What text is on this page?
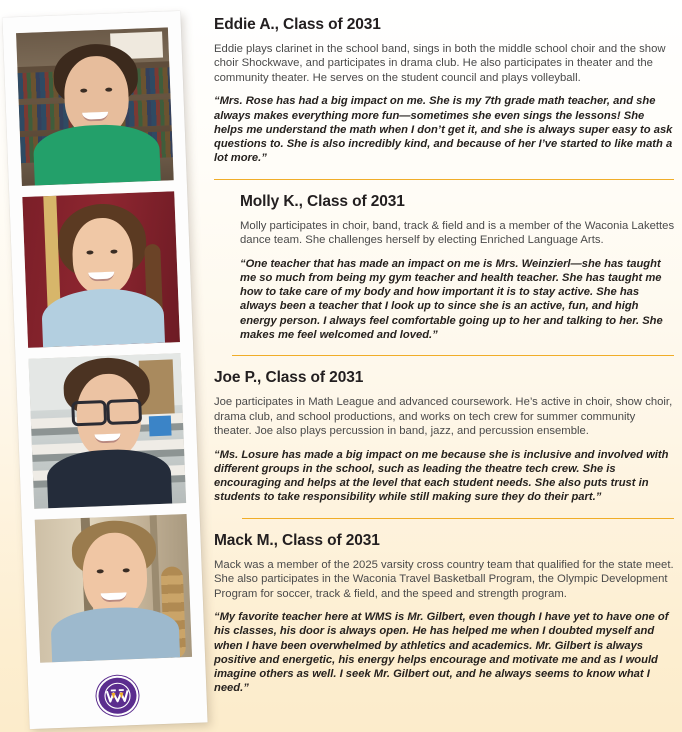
Eddie A., Class of 2031

Eddie plays clarinet in the school band, sings in both the middle school choir and the show choir Shockwave, and participates in drama club. He also participates in theater and the community theater. He serves on the student council and plays volleyball.

“Mrs. Rose has had a big impact on me. She is my 7th grade math teacher, and she always makes everything more fun—sometimes she even sings the lessons! She helps me understand the math when I don’t get it, and she is always super easy to ask questions to. She is also incredibly kind, and because of her I’ve started to like math a lot more.”

Molly K., Class of 2031

Molly participates in choir, band, track & field and is a member of the Waconia Lakettes dance team. She challenges herself by electing Enriched Language Arts.

“One teacher that has made an impact on me is Mrs. Weinzierl—she has taught me so much from being my gym teacher and health teacher. She has taught me how to take care of my body and how important it is to stay active. She has always been a teacher that I look up to since she is an active, fun, and high energy person. I always feel comfortable going up to her and talking to her. She makes me feel welcomed and loved.”

Joe P., Class of 2031

Joe participates in Math League and advanced coursework. He’s active in choir, show choir, drama club, and school productions, and works on tech crew for summer community theater. Joe also plays percussion in band, jazz, and percussion ensemble.

“Ms. Losure has made a big impact on me because she is inclusive and involved with different groups in the school, such as leading the theatre tech crew. She is encouraging and helps at the level that each student needs. She also puts trust in students to take responsibility while still making sure they do their part.”

Mack M., Class of 2031

Mack was a member of the 2025 varsity cross country team that qualified for the state meet. She also participates in the Waconia Travel Basketball Program, the Olympic Development Program for soccer, track & field, and the speed and strength program.

“My favorite teacher here at WMS is Mr. Gilbert, even though I have yet to have one of his classes, his door is always open. He has helped me when I doubted myself and when I have been overwhelmed by athletics and academics. Mr. Gilbert is always positive and energetic, his energy helps encourage and motivate me and as I would imagine others as well. I seek Mr. Gilbert out, and he always seems to know what I need.”
